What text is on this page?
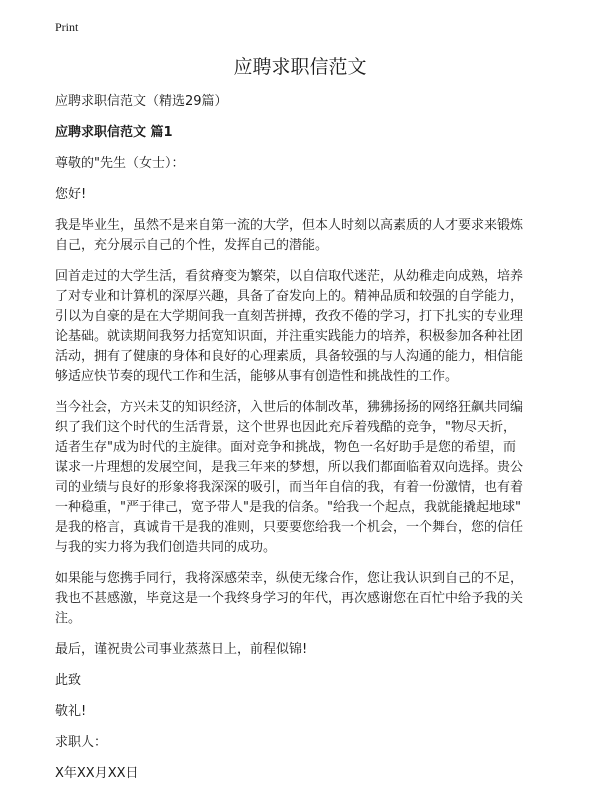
Print
应聘求职信范文
应聘求职信范文（精选29篇）
应聘求职信范文 篇1
尊敬的"先生（女士）：
您好!
我是毕业生，虽然不是来自第一流的大学，但本人时刻以高素质的人才要求来锻炼
自己，充分展示自己的个性，发挥自己的潜能。
回首走过的大学生活，看贫瘠变为繁荣，以自信取代迷茫，从幼稚走向成熟，培养
了对专业和计算机的深厚兴趣，具备了奋发向上的。精神品质和较强的自学能力，
引以为自豪的是在大学期间我一直刻苦拼搏，孜孜不倦的学习，打下扎实的专业理
论基础。就读期间我努力括宽知识面，并注重实践能力的培养，积极参加各种社团
活动，拥有了健康的身体和良好的心理素质，具备较强的与人沟通的能力，相信能
够适应快节奏的现代工作和生活，能够从事有创造性和挑战性的工作。
当今社会，方兴未艾的知识经济，入世后的体制改革，狒狒扬扬的网络狂飙共同编
织了我们这个时代的生活背景，这个世界也因此充斥着残酷的竞争，"物尽天折，
适者生存"成为时代的主旋律。面对竞争和挑战，物色一名好助手是您的希望，而
谋求一片理想的发展空间，是我三年来的梦想，所以我们都面临着双向选择。贵公
司的业绩与良好的形象将我深深的吸引，而当年自信的我，有着一份激情，也有着
一种稳重，"严于律己，宽予带人"是我的信条。"给我一个起点，我就能撬起地球"
是我的格言，真诚肯干是我的准则，只要要您给我一个机会，一个舞台，您的信任
与我的实力将为我们创造共同的成功。
如果能与您携手同行，我将深感荣幸，纵使无缘合作，您让我认识到自己的不足，
我也不甚感激，毕竟这是一个我终身学习的年代，再次感谢您在百忙中给予我的关
注。
最后，谨祝贵公司事业蒸蒸日上，前程似锦!
此致
敬礼!
求职人：
X年XX月XX日
